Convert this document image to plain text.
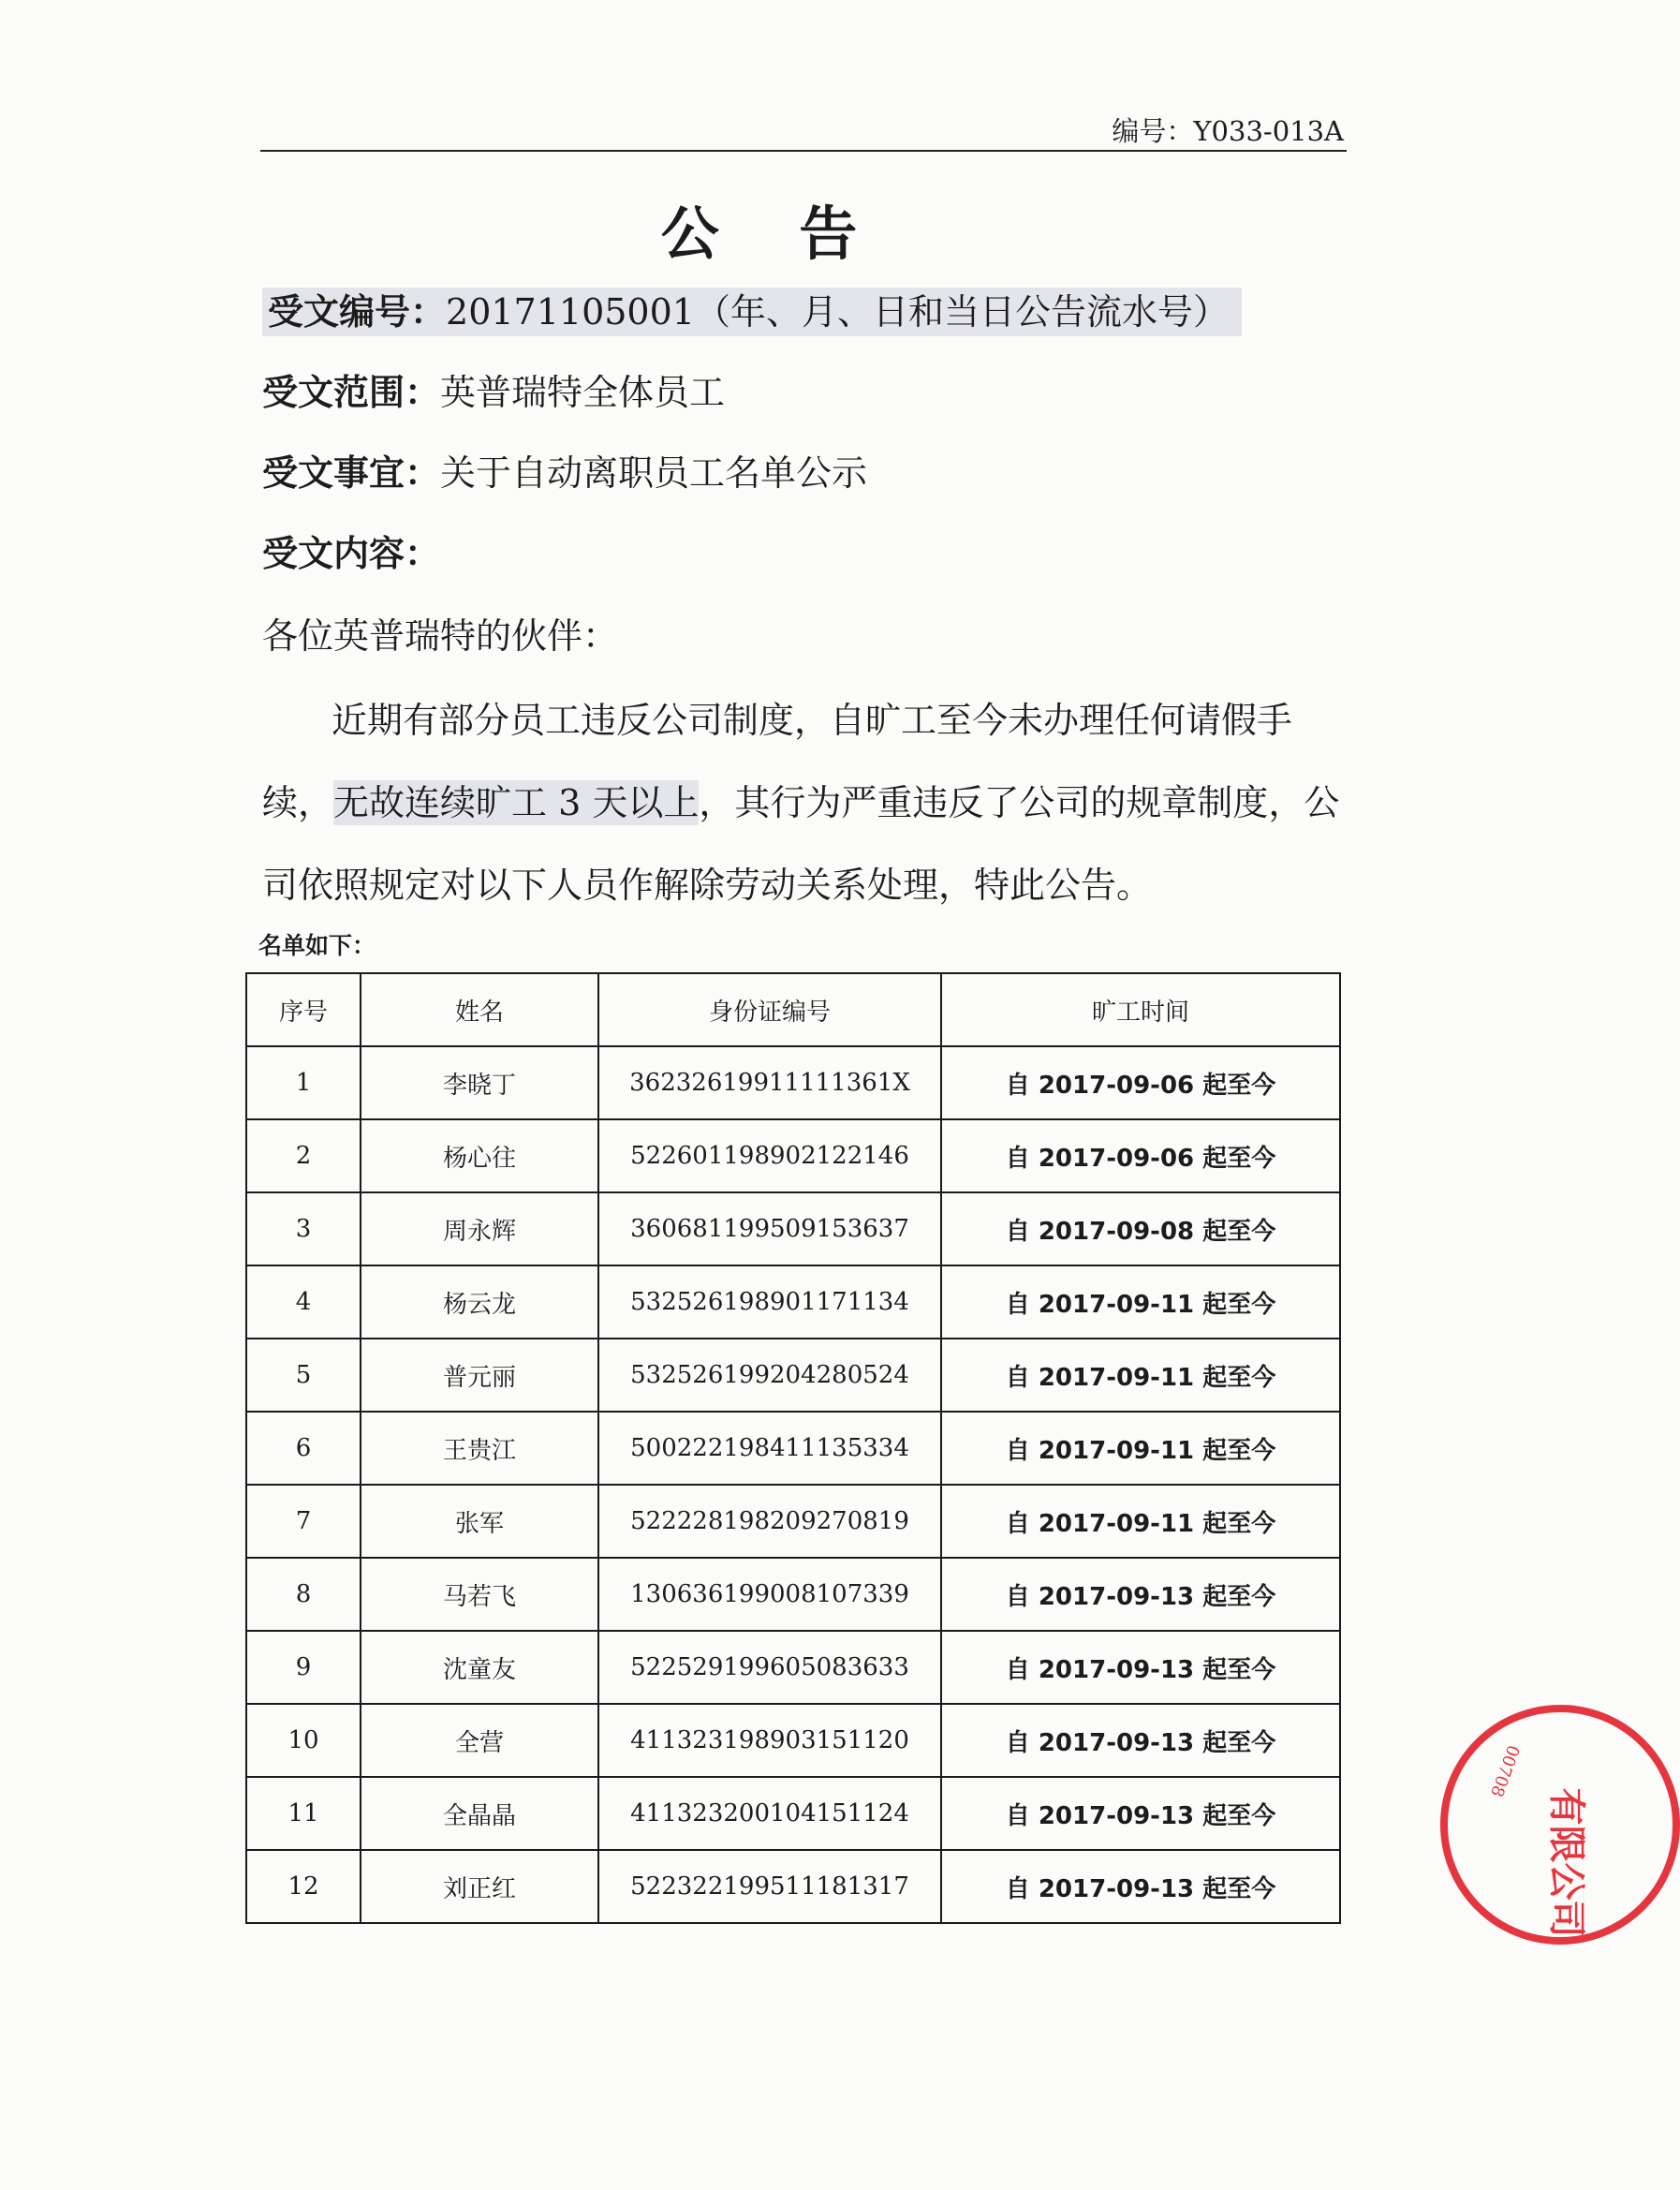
编号：Y033-013A
公 告
受文编号：20171105001（年、月、日和当日公告流水号）
受文范围：英普瑞特全体员工
受文事宜：关于自动离职员工名单公示
受文内容：
各位英普瑞特的伙伴：
近期有部分员工违反公司制度，自旷工至今未办理任何请假手
续，无故连续旷工 3 天以上，其行为严重违反了公司的规章制度，公
司依照规定对以下人员作解除劳动关系处理，特此公告。
名单如下：
序号	姓名	身份证编号	旷工时间
1	李晓丁	36232619911111361X	自 2017-09-06 起至今
2	杨心往	522601198902122146	自 2017-09-06 起至今
3	周永辉	360681199509153637	自 2017-09-08 起至今
4	杨云龙	532526198901171134	自 2017-09-11 起至今
5	普元丽	532526199204280524	自 2017-09-11 起至今
6	王贵江	500222198411135334	自 2017-09-11 起至今
7	张军	522228198209270819	自 2017-09-11 起至今
8	马若飞	130636199008107339	自 2017-09-13 起至今
9	沈童友	522529199605083633	自 2017-09-13 起至今
10	全营	411323198903151120	自 2017-09-13 起至今
11	全晶晶	411323200104151124	自 2017-09-13 起至今
12	刘正红	522322199511181317	自 2017-09-13 起至今	有限公司
00708
